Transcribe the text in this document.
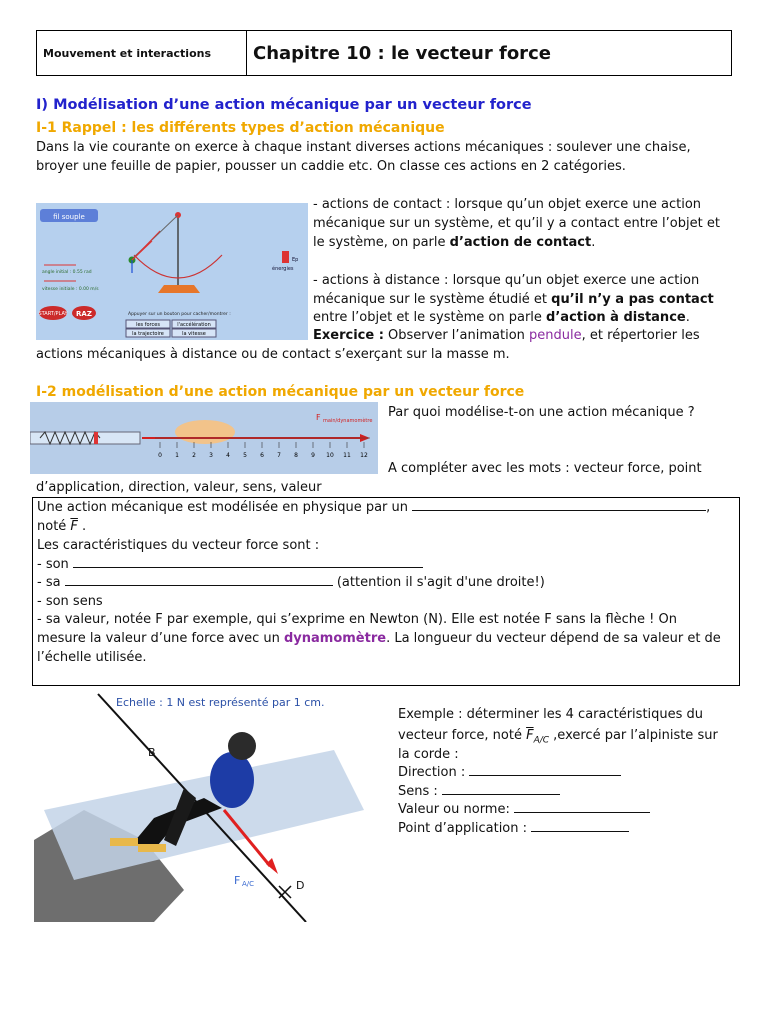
Mouvement et interactions	Chapitre 10 : le vecteur force
I) Modélisation d’une action mécanique par un vecteur force
I-1 Rappel : les différents types d’action mécanique
Dans la vie courante on exerce à chaque instant diverses actions mécaniques : soulever une chaise,
broyer une feuille de papier, pousser un caddie etc. On classe ces actions en 2 catégories.
fil souple
Ep
énergies
angle initial : 0.55 rad
vitesse initiale : 0.00 m/s
Appuyer sur un bouton pour cacher/montrer :
les forces	l'accélération
la trajectoire	la vitesse
START/PLAY RAZ
- actions de contact : lorsque qu’un objet exerce une action
mécanique sur un système, et qu’il y a contact entre l’objet et
le système, on parle d’action de contact.
- actions à distance : lorsque qu’un objet exerce une action
mécanique sur le système étudié et qu’il n’y a pas contact
entre l’objet et le système on parle d’action à distance.
Exercice : Observer l’animation pendule, et répertorier les
actions mécaniques à distance ou de contact s’exerçant sur la masse m.
I-2 modélisation d’une action mécanique par un vecteur force
F main/dynamomètre
0 1 2 3 4 5 6 7 8 9 10 11 12
Par quoi modélise-t-on une action mécanique ?
A compléter avec les mots : vecteur force, point
d’application, direction, valeur, sens, valeur
Une action mécanique est modélisée en physique par un	,
noté $\overline{F}$ .
Les caractéristiques du vecteur force sont :
- son
- sa	(attention il s'agit d'une droite!)
- son sens
- sa valeur, notée F par exemple, qui s’exprime en Newton (N). Elle est notée F sans la flèche ! On
mesure la valeur d’une force avec un dynamomètre. La longueur du vecteur dépend de sa valeur et de
l’échelle utilisée.
Echelle : 1 N est représenté par 1 cm.
B
F A/C	D
Exemple : déterminer les 4 caractéristiques du
vecteur force, noté $\overline{F}_{A/C}$ ,exercé par l’alpiniste sur
la corde :
Direction :
Sens :
Valeur ou norme:
Point d’application :
